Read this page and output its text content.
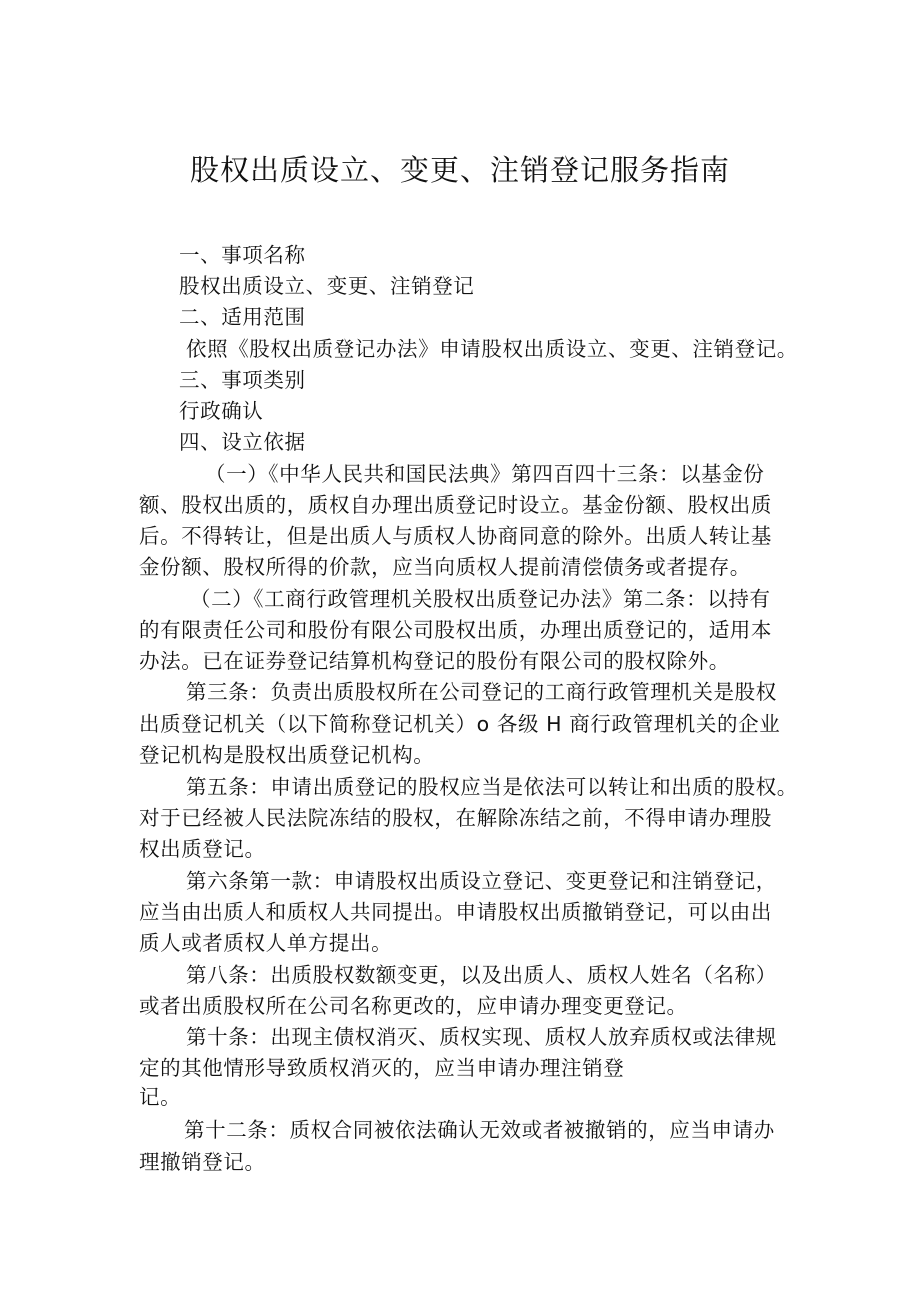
股权出质设立、变更、注销登记服务指南
一、事项名称
股权出质设立、变更、注销登记
二、适用范围
依照《股权出质登记办法》申请股权出质设立、变更、注销登记。
三、事项类别
行政确认
四、设立依据
（一）《中华人民共和国民法典》第四百四十三条：以基金份
额、股权出质的，质权自办理出质登记时设立。基金份额、股权出质
后。不得转让，但是出质人与质权人协商同意的除外。出质人转让基
金份额、股权所得的价款，应当向质权人提前清偿债务或者提存。
（二）《工商行政管理机关股权出质登记办法》第二条：以持有
的有限责任公司和股份有限公司股权出质，办理出质登记的，适用本
办法。已在证券登记结算机构登记的股份有限公司的股权除外。
第三条：负责出质股权所在公司登记的工商行政管理机关是股权
出质登记机关（以下简称登记机关）o 各级 H 商行政管理机关的企业
登记机构是股权出质登记机构。
第五条：申请出质登记的股权应当是依法可以转让和出质的股权。
对于已经被人民法院冻结的股权，在解除冻结之前，不得申请办理股
权出质登记。
第六条第一款：申请股权出质设立登记、变更登记和注销登记，
应当由出质人和质权人共同提出。申请股权出质撤销登记，可以由出
质人或者质权人单方提出。
第八条：出质股权数额变更，以及出质人、质权人姓名（名称）
或者出质股权所在公司名称更改的，应申请办理变更登记。
第十条：出现主债权消灭、质权实现、质权人放弃质权或法律规
定的其他情形导致质权消灭的，应当申请办理注销登
记。
第十二条：质权合同被依法确认无效或者被撤销的，应当申请办
理撤销登记。
